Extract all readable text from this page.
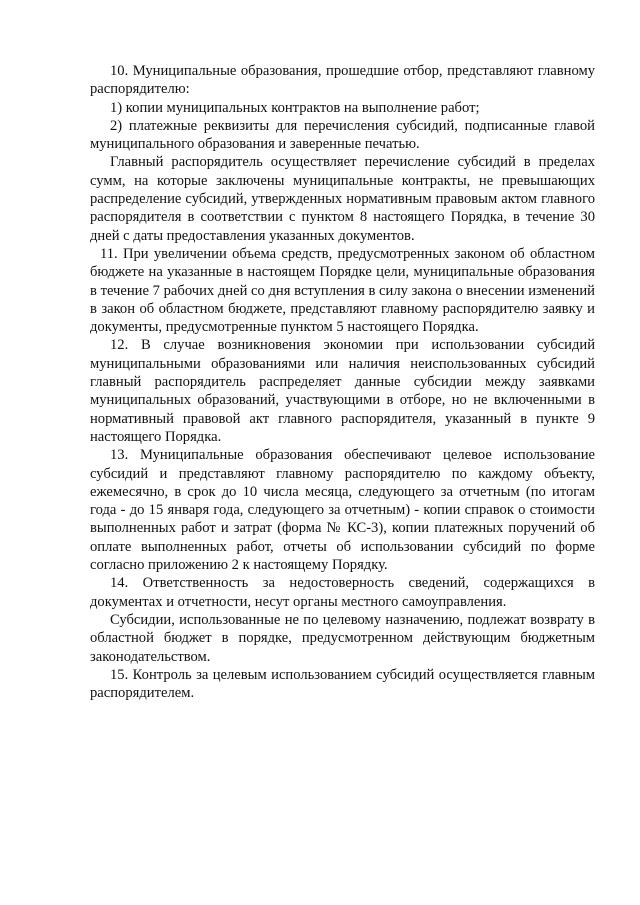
10. Муниципальные образования, прошедшие отбор, представляют главному распорядителю:

1) копии муниципальных контрактов на выполнение работ;

2) платежные реквизиты для перечисления субсидий, подписанные главой муниципального образования и заверенные печатью.

Главный распорядитель осуществляет перечисление субсидий в пределах сумм, на которые заключены муниципальные контракты, не превышающих распределение субсидий, утвержденных нормативным правовым актом главного распорядителя в соответствии с пунктом 8 настоящего Порядка, в течение 30 дней с даты предоставления указанных документов.

11. При увеличении объема средств, предусмотренных законом об областном бюджете на указанные в настоящем Порядке цели, муниципальные образования в течение 7 рабочих дней со дня вступления в силу закона о внесении изменений в закон об областном бюджете, представляют главному распорядителю заявку и документы, предусмотренные пунктом 5 настоящего Порядка.

12. В случае возникновения экономии при использовании субсидий муниципальными образованиями или наличия неиспользованных субсидий главный распорядитель распределяет данные субсидии между заявками муниципальных образований, участвующими в отборе, но не включенными в нормативный правовой акт главного распорядителя, указанный в пункте 9 настоящего Порядка.

13. Муниципальные образования обеспечивают целевое использование субсидий и представляют главному распорядителю по каждому объекту, ежемесячно, в срок до 10 числа месяца, следующего за отчетным (по итогам года - до 15 января года, следующего за отчетным) - копии справок о стоимости выполненных работ и затрат (форма № КС-3), копии платежных поручений об оплате выполненных работ, отчеты об использовании субсидий по форме согласно приложению 2 к настоящему Порядку.

14. Ответственность за недостоверность сведений, содержащихся в документах и отчетности, несут органы местного самоуправления.

Субсидии, использованные не по целевому назначению, подлежат возврату в областной бюджет в порядке, предусмотренном действующим бюджетным законодательством.

15. Контроль за целевым использованием субсидий осуществляется главным распорядителем.
